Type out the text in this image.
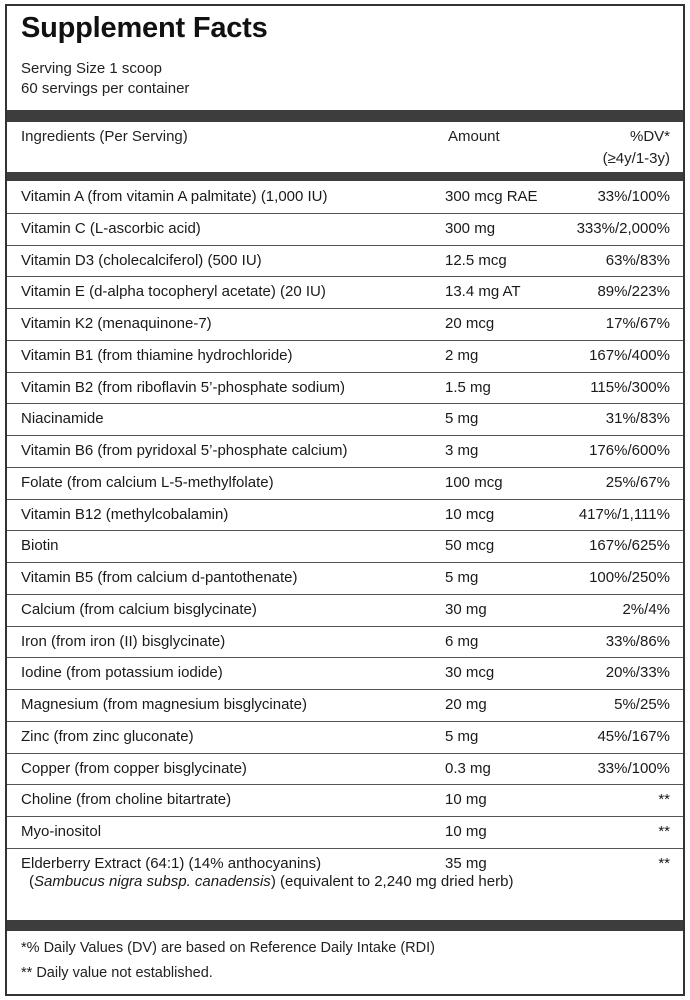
Supplement Facts
Serving Size 1 scoop
60 servings per container
Ingredients (Per Serving)	Amount	%DV*
(≥4y/1-3y)
Vitamin A (from vitamin A palmitate) (1,000 IU)	300 mcg RAE	33%/100%
Vitamin C (L-ascorbic acid)	300 mg	333%/2,000%
Vitamin D3 (cholecalciferol) (500 IU)	12.5 mcg	63%/83%
Vitamin E (d-alpha tocopheryl acetate) (20 IU)	13.4 mg AT	89%/223%
Vitamin K2 (menaquinone-7)	20 mcg	17%/67%
Vitamin B1 (from thiamine hydrochloride)	2 mg	167%/400%
Vitamin B2 (from riboflavin 5’-phosphate sodium)	1.5 mg	115%/300%
Niacinamide	5 mg	31%/83%
Vitamin B6 (from pyridoxal 5’-phosphate calcium)	3 mg	176%/600%
Folate (from calcium L-5-methylfolate)	100 mcg	25%/67%
Vitamin B12 (methylcobalamin)	10 mcg	417%/1,111%
Biotin	50 mcg	167%/625%
Vitamin B5 (from calcium d-pantothenate)	5 mg	100%/250%
Calcium (from calcium bisglycinate)	30 mg	2%/4%
Iron (from iron (II) bisglycinate)	6 mg	33%/86%
Iodine (from potassium iodide)	30 mcg	20%/33%
Magnesium (from magnesium bisglycinate)	20 mg	5%/25%
Zinc (from zinc gluconate)	5 mg	45%/167%
Copper (from copper bisglycinate)	0.3 mg	33%/100%
Choline (from choline bitartrate)	10 mg	**
Myo-inositol	10 mg	**
Elderberry Extract (64:1) (14% anthocyanins)	35 mg	**
(Sambucus nigra subsp. canadensis) (equivalent to 2,240 mg dried herb)
*% Daily Values (DV) are based on Reference Daily Intake (RDI)
** Daily value not established.
